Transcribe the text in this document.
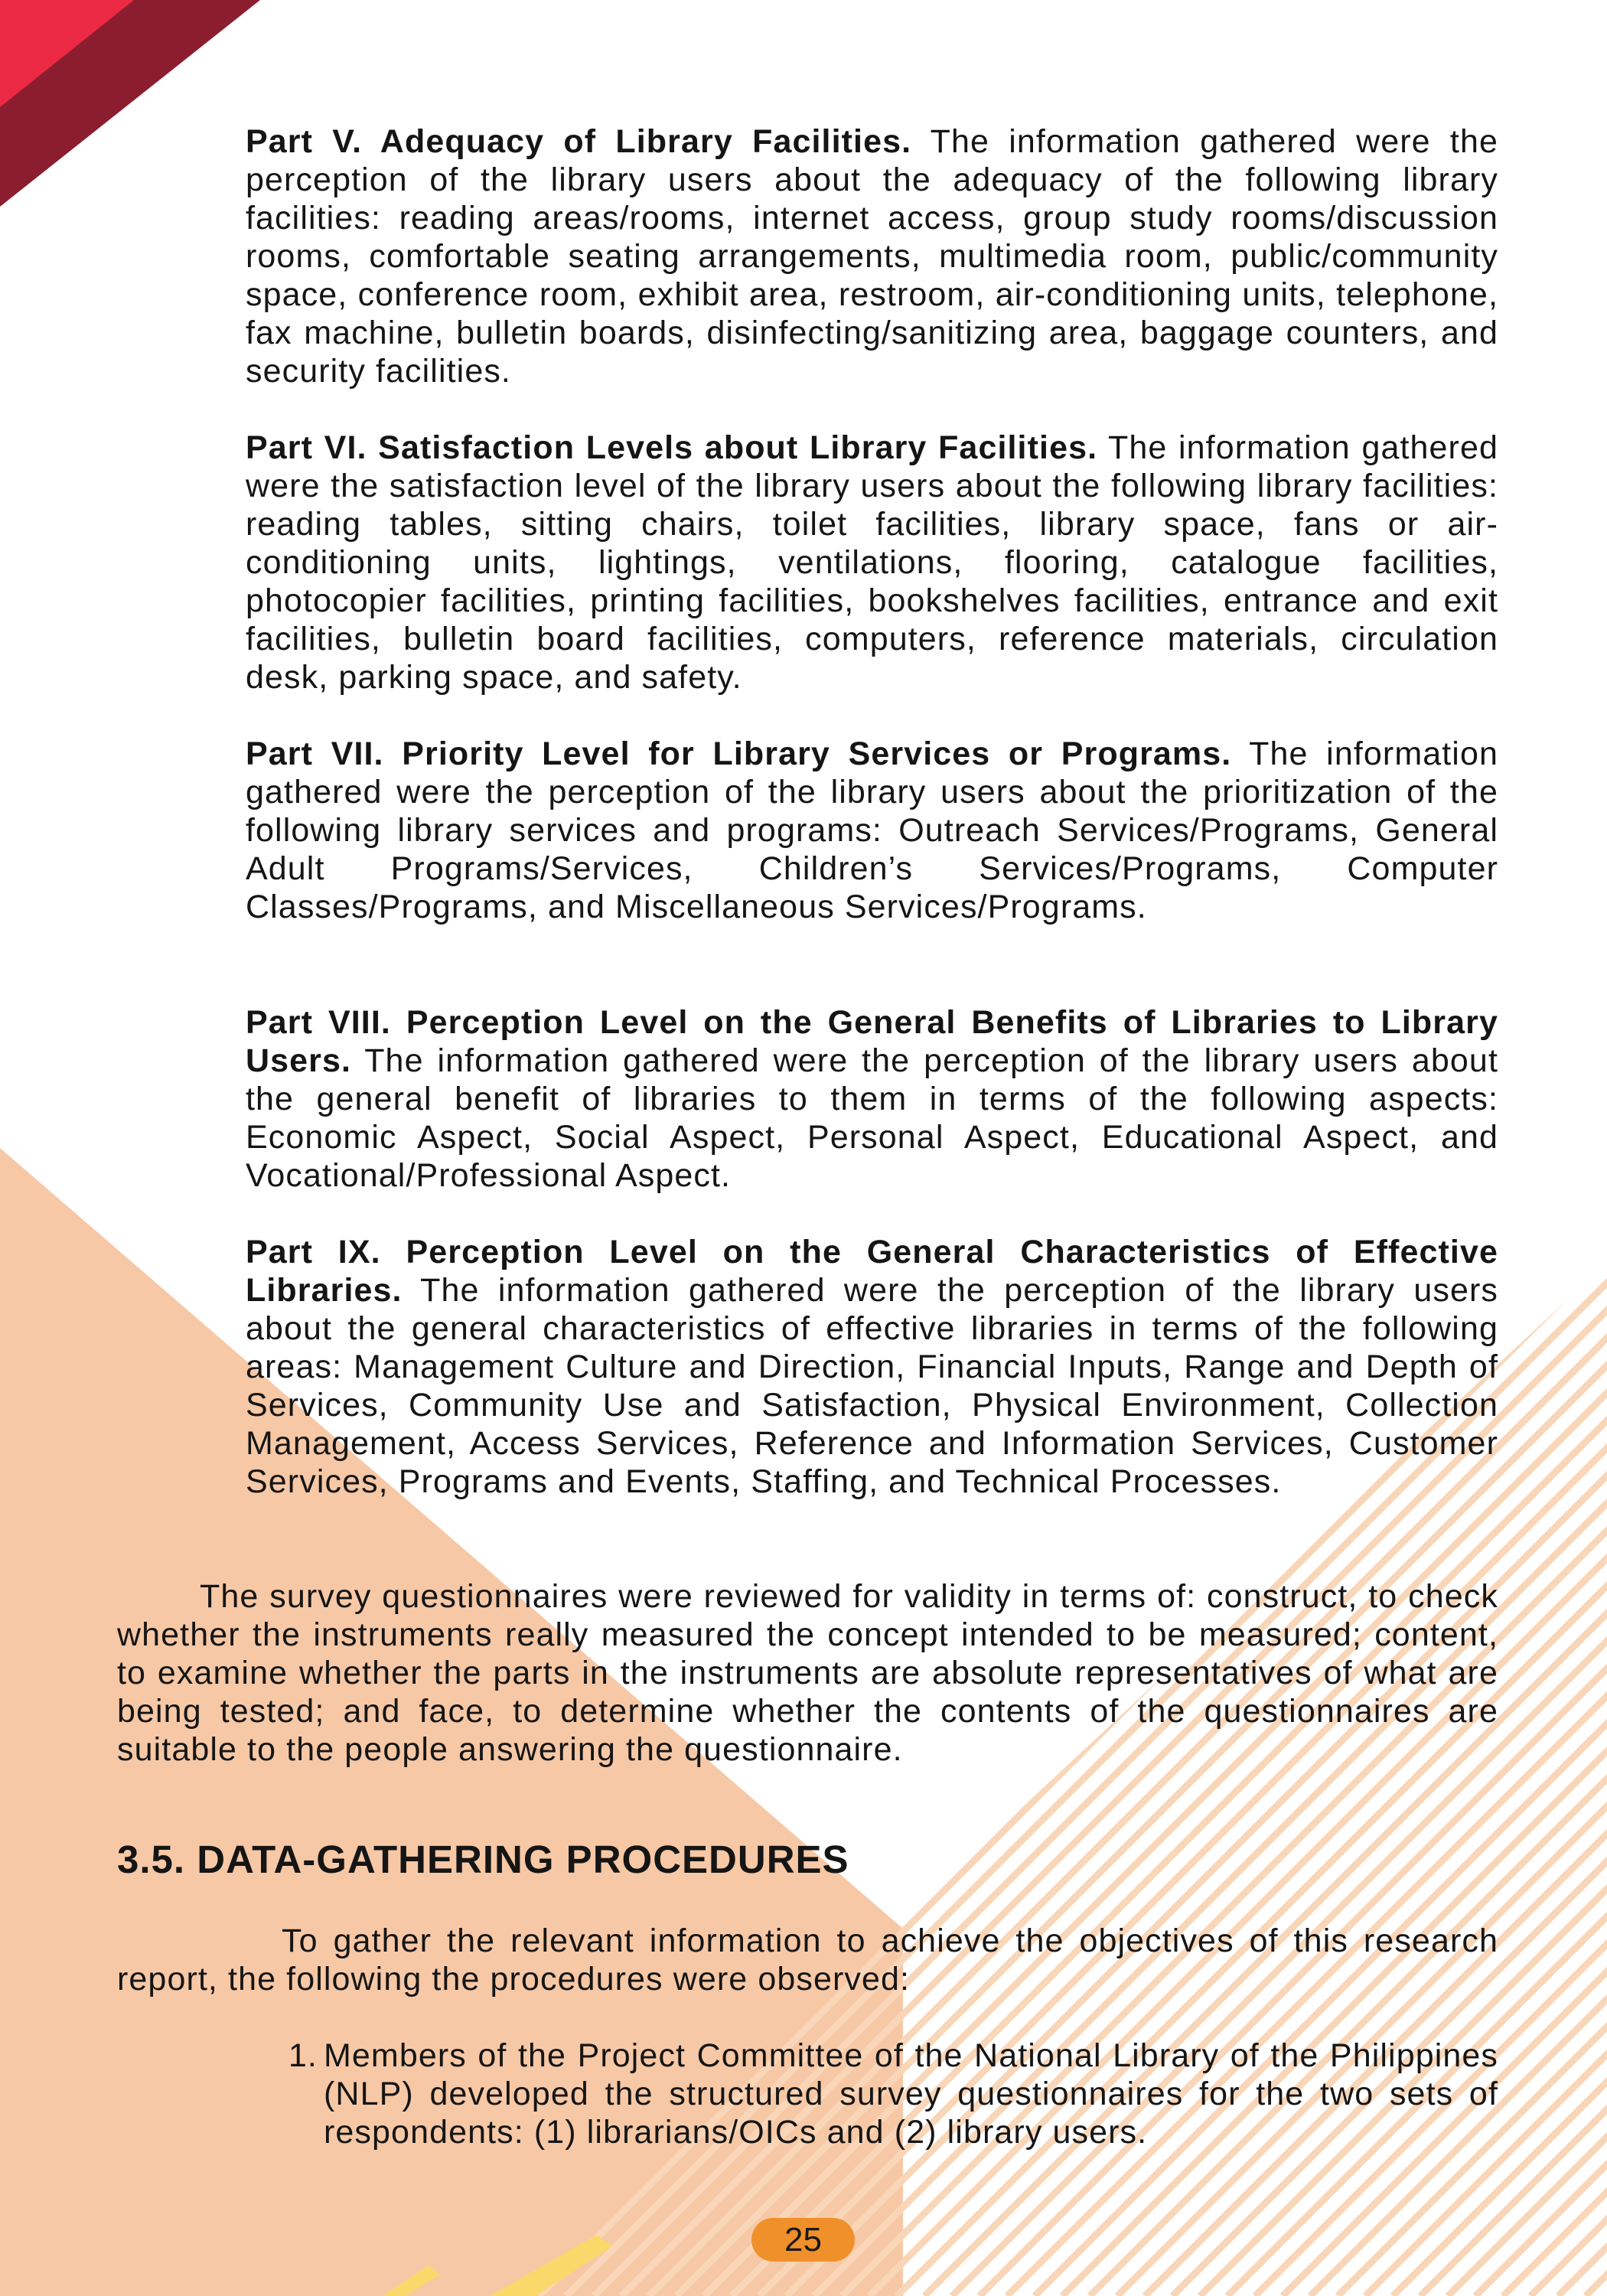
Part V. Adequacy of Library Facilities. The information gathered were the perception of the library users about the adequacy of the following library facilities: reading areas/rooms, internet access, group study rooms/discussion rooms, comfortable seating arrangements, multimedia room, public/community space, conference room, exhibit area, restroom, air-conditioning units, telephone, fax machine, bulletin boards, disinfecting/sanitizing area, baggage counters, and security facilities.

Part VI. Satisfaction Levels about Library Facilities. The information gathered were the satisfaction level of the library users about the following library facilities: reading tables, sitting chairs, toilet facilities, library space, fans or air-conditioning units, lightings, ventilations, flooring, catalogue facilities, photocopier facilities, printing facilities, bookshelves facilities, entrance and exit facilities, bulletin board facilities, computers, reference materials, circulation desk, parking space, and safety.

Part VII. Priority Level for Library Services or Programs. The information gathered were the perception of the library users about the prioritization of the following library services and programs: Outreach Services/Programs, General Adult Programs/Services, Children’s Services/Programs, Computer Classes/Programs, and Miscellaneous Services/Programs.

Part VIII. Perception Level on the General Benefits of Libraries to Library Users. The information gathered were the perception of the library users about the general benefit of libraries to them in terms of the following aspects: Economic Aspect, Social Aspect, Personal Aspect, Educational Aspect, and Vocational/Professional Aspect.

Part IX. Perception Level on the General Characteristics of Effective Libraries. The information gathered were the perception of the library users about the general characteristics of effective libraries in terms of the following areas: Management Culture and Direction, Financial Inputs, Range and Depth of Services, Community Use and Satisfaction, Physical Environment, Collection Management, Access Services, Reference and Information Services, Customer Services, Programs and Events, Staffing, and Technical Processes.

The survey questionnaires were reviewed for validity in terms of: construct, to check whether the instruments really measured the concept intended to be measured; content, to examine whether the parts in the instruments are absolute representatives of what are being tested; and face, to determine whether the contents of the questionnaires are suitable to the people answering the questionnaire.

3.5. DATA-GATHERING PROCEDURES

To gather the relevant information to achieve the objectives of this research report, the following the procedures were observed:

1. Members of the Project Committee of the National Library of the Philippines (NLP) developed the structured survey questionnaires for the two sets of respondents: (1) librarians/OICs and (2) library users.
25
